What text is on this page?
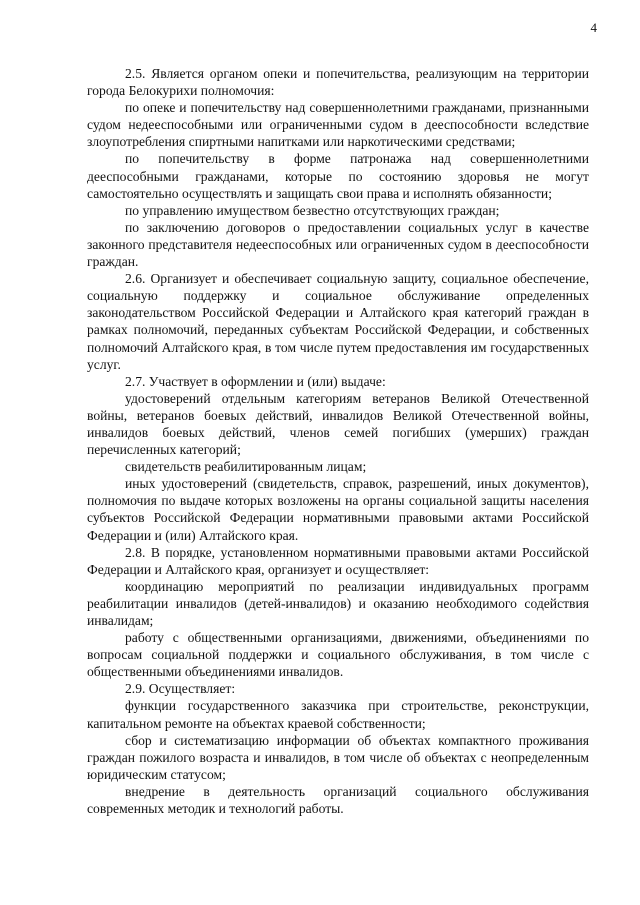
4

2.5. Является органом опеки и попечительства, реализующим на территории города Белокурихи полномочия:

по опеке и попечительству над совершеннолетними гражданами, признанными судом недееспособными или ограниченными судом в дееспособности вследствие злоупотребления спиртными напитками или наркотическими средствами;

по попечительству в форме патронажа над совершеннолетними дееспособными гражданами, которые по состоянию здоровья не могут самостоятельно осуществлять и защищать свои права и исполнять обязанности;

по управлению имуществом безвестно отсутствующих граждан;

по заключению договоров о предоставлении социальных услуг в качестве законного представителя недееспособных или ограниченных судом в дееспособности граждан.

2.6. Организует и обеспечивает социальную защиту, социальное обеспечение, социальную поддержку и социальное обслуживание определенных законодательством Российской Федерации и Алтайского края категорий граждан в рамках полномочий, переданных субъектам Российской Федерации, и собственных полномочий Алтайского края, в том числе путем предоставления им государственных услуг.

2.7. Участвует в оформлении и (или) выдаче:

удостоверений отдельным категориям ветеранов Великой Отечественной войны, ветеранов боевых действий, инвалидов Великой Отечественной войны, инвалидов боевых действий, членов семей погибших (умерших) граждан перечисленных категорий;

свидетельств реабилитированным лицам;

иных удостоверений (свидетельств, справок, разрешений, иных документов), полномочия по выдаче которых возложены на органы социальной защиты населения субъектов Российской Федерации нормативными правовыми актами Российской Федерации и (или) Алтайского края.

2.8. В порядке, установленном нормативными правовыми актами Российской Федерации и Алтайского края, организует и осуществляет:

координацию мероприятий по реализации индивидуальных программ реабилитации инвалидов (детей-инвалидов) и оказанию необходимого содействия инвалидам;

работу с общественными организациями, движениями, объединениями по вопросам социальной поддержки и социального обслуживания, в том числе с общественными объединениями инвалидов.

2.9. Осуществляет:

функции государственного заказчика при строительстве, реконструкции, капитальном ремонте на объектах краевой собственности;

сбор и систематизацию информации об объектах компактного проживания граждан пожилого возраста и инвалидов, в том числе об объектах с неопределенным юридическим статусом;

внедрение в деятельность организаций социального обслуживания современных методик и технологий работы.
